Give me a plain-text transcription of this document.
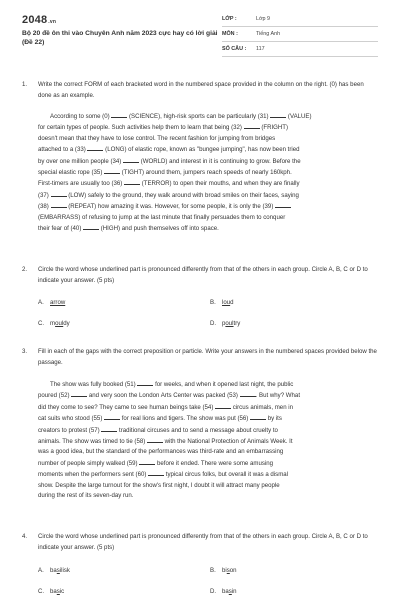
2048.vn
Bộ 20 đề ôn thi vào Chuyên Anh năm 2023 cực hay có lời giải (Đề 22)
LỚP :	Lớp 9
MÔN :	Tiếng Anh
SỐ CÂU :	117
1.	Write the correct FORM of each bracketed word in the numbered space provided in the column on the right. (0) has been done as an example.
According to some (0)	(SCIENCE), high-risk sports can be particularly (31)	(VALUE)
for certain types of people. Such activities help them to learn that being (32)	(FRIGHT)
doesn't mean that they have to lose control. The recent fashion for jumping from bridges
attached to a (33)	(LONG) of elastic rope, known as "bungee jumping", has now been tried
by over one million people (34)	(WORLD) and interest in it is continuing to grow. Before the
special elastic rope (35)	(TIGHT) around them, jumpers reach speeds of nearly 160kph.
First-timers are usually too (36)	(TERROR) to open their mouths, and when they are finally
(37)	(LOW) safely to the ground, they walk around with broad smiles on their faces, saying
(38)	(REPEAT) how amazing it was. However, for some people, it is only the (39)
(EMBARRASS) of refusing to jump at the last minute that finally persuades them to conquer
their fear of (40)	(HIGH) and push themselves off into space.
2.	Circle the word whose underlined part is pronounced differently from that of the others in each group. Circle A, B, C or D to indicate your answer. (5 pts)
A. arrow	B. loud
C. mouldy	D. poultry
3.	Fill in each of the gaps with the correct preposition or particle. Write your answers in the numbered spaces provided below the passage.
The show was fully booked (51)	for weeks, and when it opened last night, the public
poured (52)	and very soon the London Arts Center was packed (53)	. But why? What
did they come to see? They came to see human beings take (54)	circus animals, men in
cat suits who stood (55)	for real lions and tigers. The show was put (56)	by its
creators to protest (57)	traditional circuses and to send a message about cruelty to
animals. The show was timed to tie (58)	with the National Protection of Animals Week. It
was a good idea, but the standard of the performances was third-rate and an embarrassing
number of people simply walked (59)	before it ended. There were some amusing
moments when the performers sent (60)	typical circus folks, but overall it was a dismal
show. Despite the large turnout for the show's first night, I doubt it will attract many people
during the rest of its seven-day run.
4.	Circle the word whose underlined part is pronounced differently from that of the others in each group. Circle A, B, C or D to indicate your answer. (5 pts)
A. basilisk	B. bison
C. basic	D. basin
